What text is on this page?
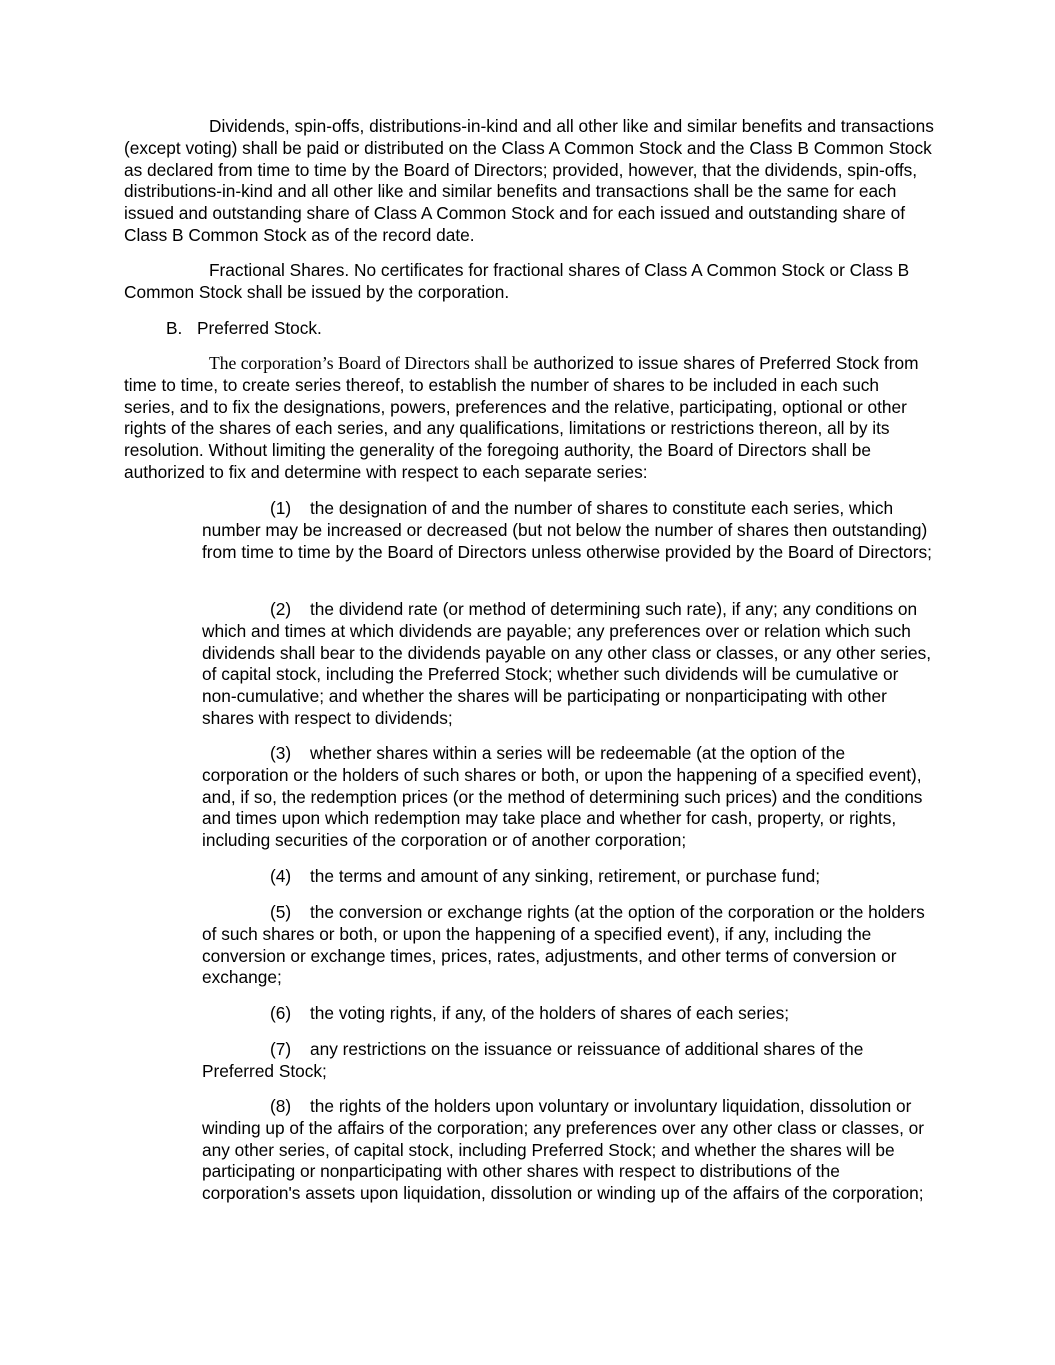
Dividends, spin-offs, distributions-in-kind and all other like and similar benefits and transactions (except voting) shall be paid or distributed on the Class A Common Stock and the Class B Common Stock as declared from time to time by the Board of Directors; provided, however, that the dividends, spin-offs, distributions-in-kind and all other like and similar benefits and transactions shall be the same for each issued and outstanding share of Class A Common Stock and for each issued and outstanding share of Class B Common Stock as of the record date.

Fractional Shares. No certificates for fractional shares of Class A Common Stock or Class B Common Stock shall be issued by the corporation.

B. Preferred Stock.

The corporation’s Board of Directors shall be authorized to issue shares of Preferred Stock from time to time, to create series thereof, to establish the number of shares to be included in each such series, and to fix the designations, powers, preferences and the relative, participating, optional or other rights of the shares of each series, and any qualifications, limitations or restrictions thereon, all by its resolution. Without limiting the generality of the foregoing authority, the Board of Directors shall be authorized to fix and determine with respect to each separate series:

(1) the designation of and the number of shares to constitute each series, which number may be increased or decreased (but not below the number of shares then outstanding) from time to time by the Board of Directors unless otherwise provided by the Board of Directors;

(2) the dividend rate (or method of determining such rate), if any; any conditions on which and times at which dividends are payable; any preferences over or relation which such dividends shall bear to the dividends payable on any other class or classes, or any other series, of capital stock, including the Preferred Stock; whether such dividends will be cumulative or non-cumulative; and whether the shares will be participating or nonparticipating with other shares with respect to dividends;

(3) whether shares within a series will be redeemable (at the option of the corporation or the holders of such shares or both, or upon the happening of a specified event), and, if so, the redemption prices (or the method of determining such prices) and the conditions and times upon which redemption may take place and whether for cash, property, or rights, including securities of the corporation or of another corporation;

(4) the terms and amount of any sinking, retirement, or purchase fund;

(5) the conversion or exchange rights (at the option of the corporation or the holders of such shares or both, or upon the happening of a specified event), if any, including the conversion or exchange times, prices, rates, adjustments, and other terms of conversion or exchange;

(6) the voting rights, if any, of the holders of shares of each series;

(7) any restrictions on the issuance or reissuance of additional shares of the Preferred Stock;

(8) the rights of the holders upon voluntary or involuntary liquidation, dissolution or winding up of the affairs of the corporation; any preferences over any other class or classes, or any other series, of capital stock, including Preferred Stock; and whether the shares will be participating or nonparticipating with other shares with respect to distributions of the corporation's assets upon liquidation, dissolution or winding up of the affairs of the corporation;
